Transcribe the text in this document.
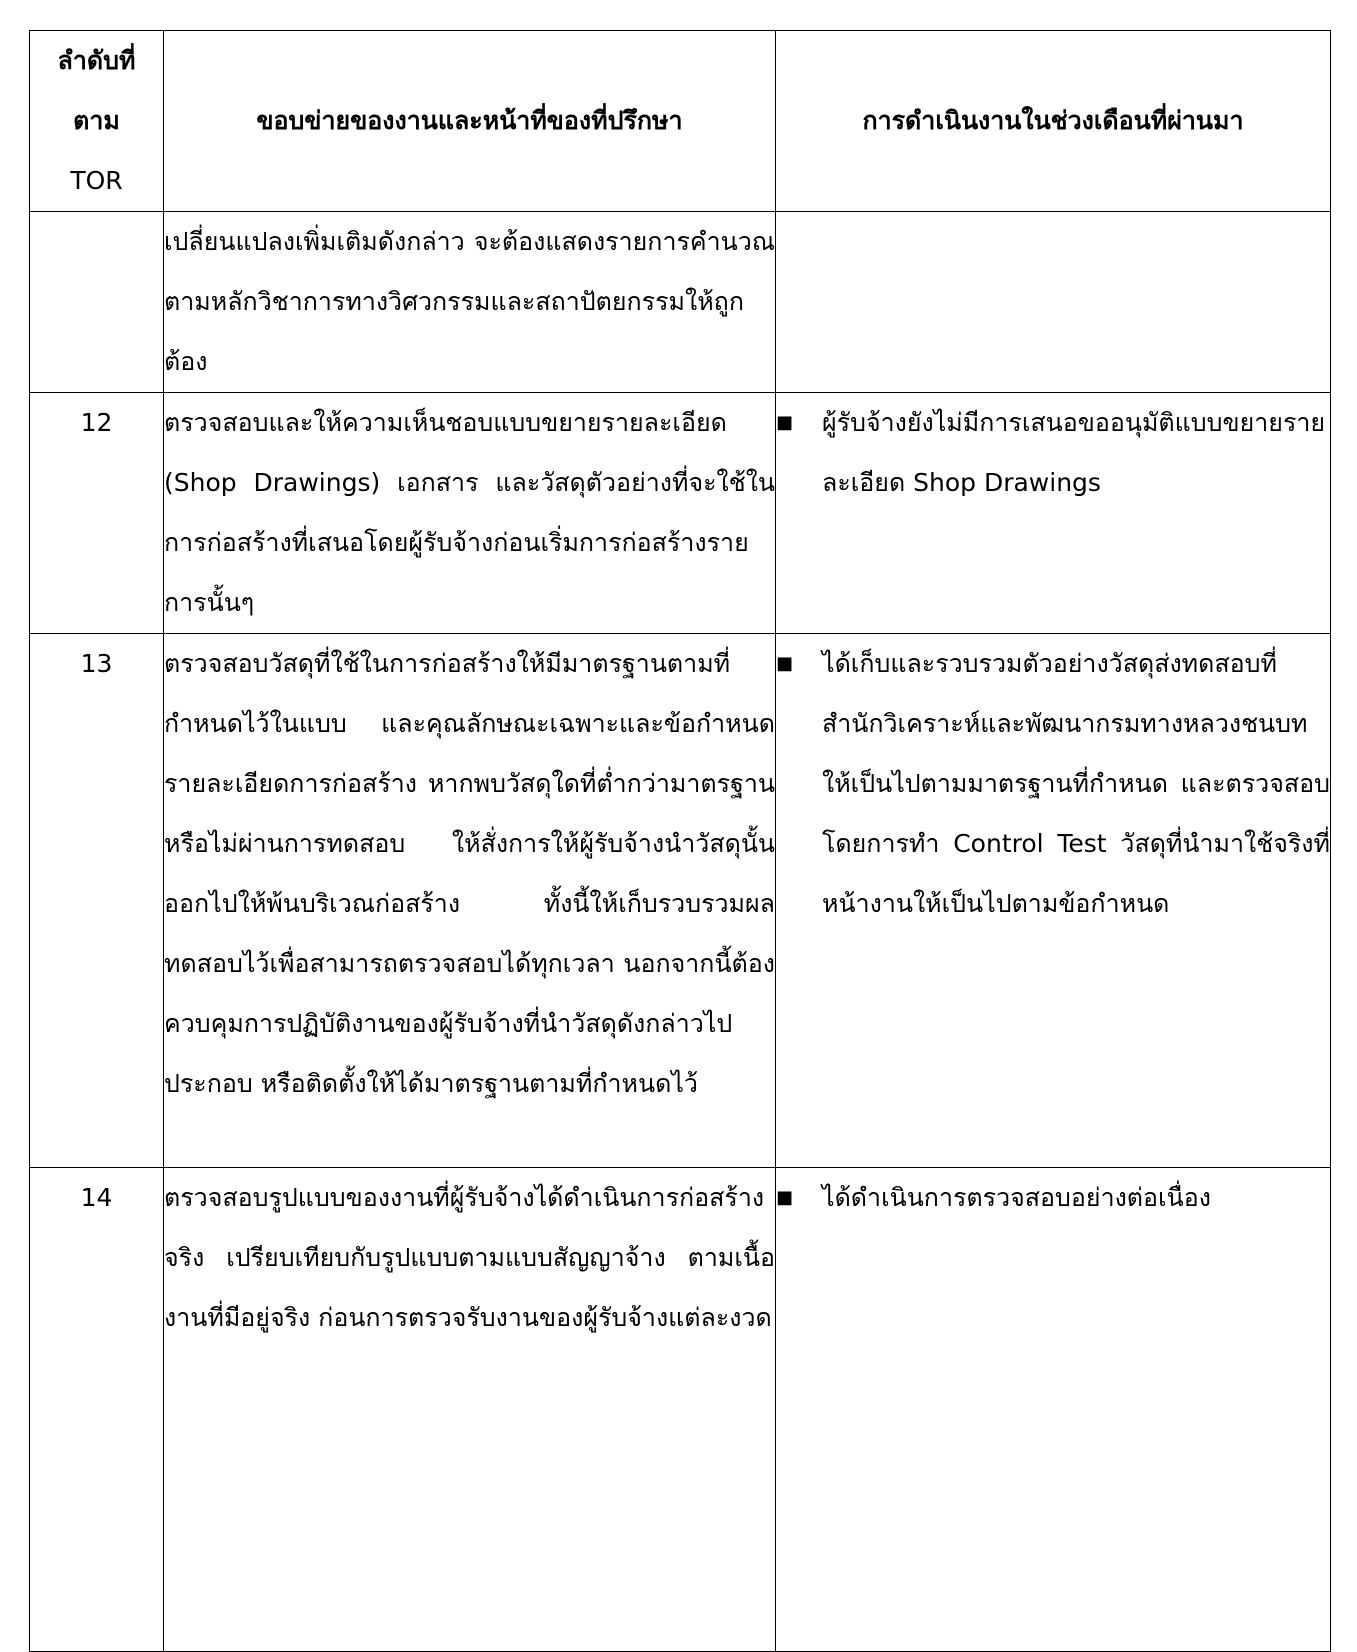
ลำดับที่
ตาม
TOR	ขอบข่ายของงานและหน้าที่ของที่ปรึกษา	การดำเนินงานในช่วงเดือนที่ผ่านมา
	เปลี่ยนแปลงเพิ่มเติมดังกล่าว จะต้องแสดงรายการคำนวณตามหลักวิชาการทางวิศวกรรมและสถาปัตยกรรมให้ถูกต้อง	
12	ตรวจสอบและให้ความเห็นชอบแบบขยายรายละเอียด (Shop Drawings) เอกสาร และวัสดุตัวอย่างที่จะใช้ในการก่อสร้างที่เสนอโดยผู้รับจ้างก่อนเริ่มการก่อสร้างรายการนั้นๆ	■ ผู้รับจ้างยังไม่มีการเสนอขออนุมัติแบบขยายรายละเอียด Shop Drawings

13	ตรวจสอบวัสดุที่ใช้ในการก่อสร้างให้มีมาตรฐานตามที่กำหนดไว้ในแบบ และคุณลักษณะเฉพาะและข้อกำหนดรายละเอียดการก่อสร้าง หากพบวัสดุใดที่ต่ำกว่ามาตรฐานหรือไม่ผ่านการทดสอบ ให้สั่งการให้ผู้รับจ้างนำวัสดุนั้นออกไปให้พ้นบริเวณก่อสร้าง ทั้งนี้ให้เก็บรวบรวมผลทดสอบไว้เพื่อสามารถตรวจสอบได้ทุกเวลา นอกจากนี้ต้องควบคุมการปฏิบัติงานของผู้รับจ้างที่นำวัสดุดังกล่าวไปประกอบ หรือติดตั้งให้ได้มาตรฐานตามที่กำหนดไว้	■ ได้เก็บและรวบรวมตัวอย่างวัสดุส่งทดสอบที่สำนักวิเคราะห์และพัฒนากรมทางหลวงชนบท ให้เป็นไปตามมาตรฐานที่กำหนด และตรวจสอบโดยการทำ Control Test วัสดุที่นำมาใช้จริงที่หน้างานให้เป็นไปตามข้อกำหนด

14	ตรวจสอบรูปแบบของงานที่ผู้รับจ้างได้ดำเนินการก่อสร้างจริง เปรียบเทียบกับรูปแบบตามแบบสัญญาจ้าง ตามเนื้องานที่มีอยู่จริง ก่อนการตรวจรับงานของผู้รับจ้างแต่ละงวด	■ ได้ดำเนินการตรวจสอบอย่างต่อเนื่อง
